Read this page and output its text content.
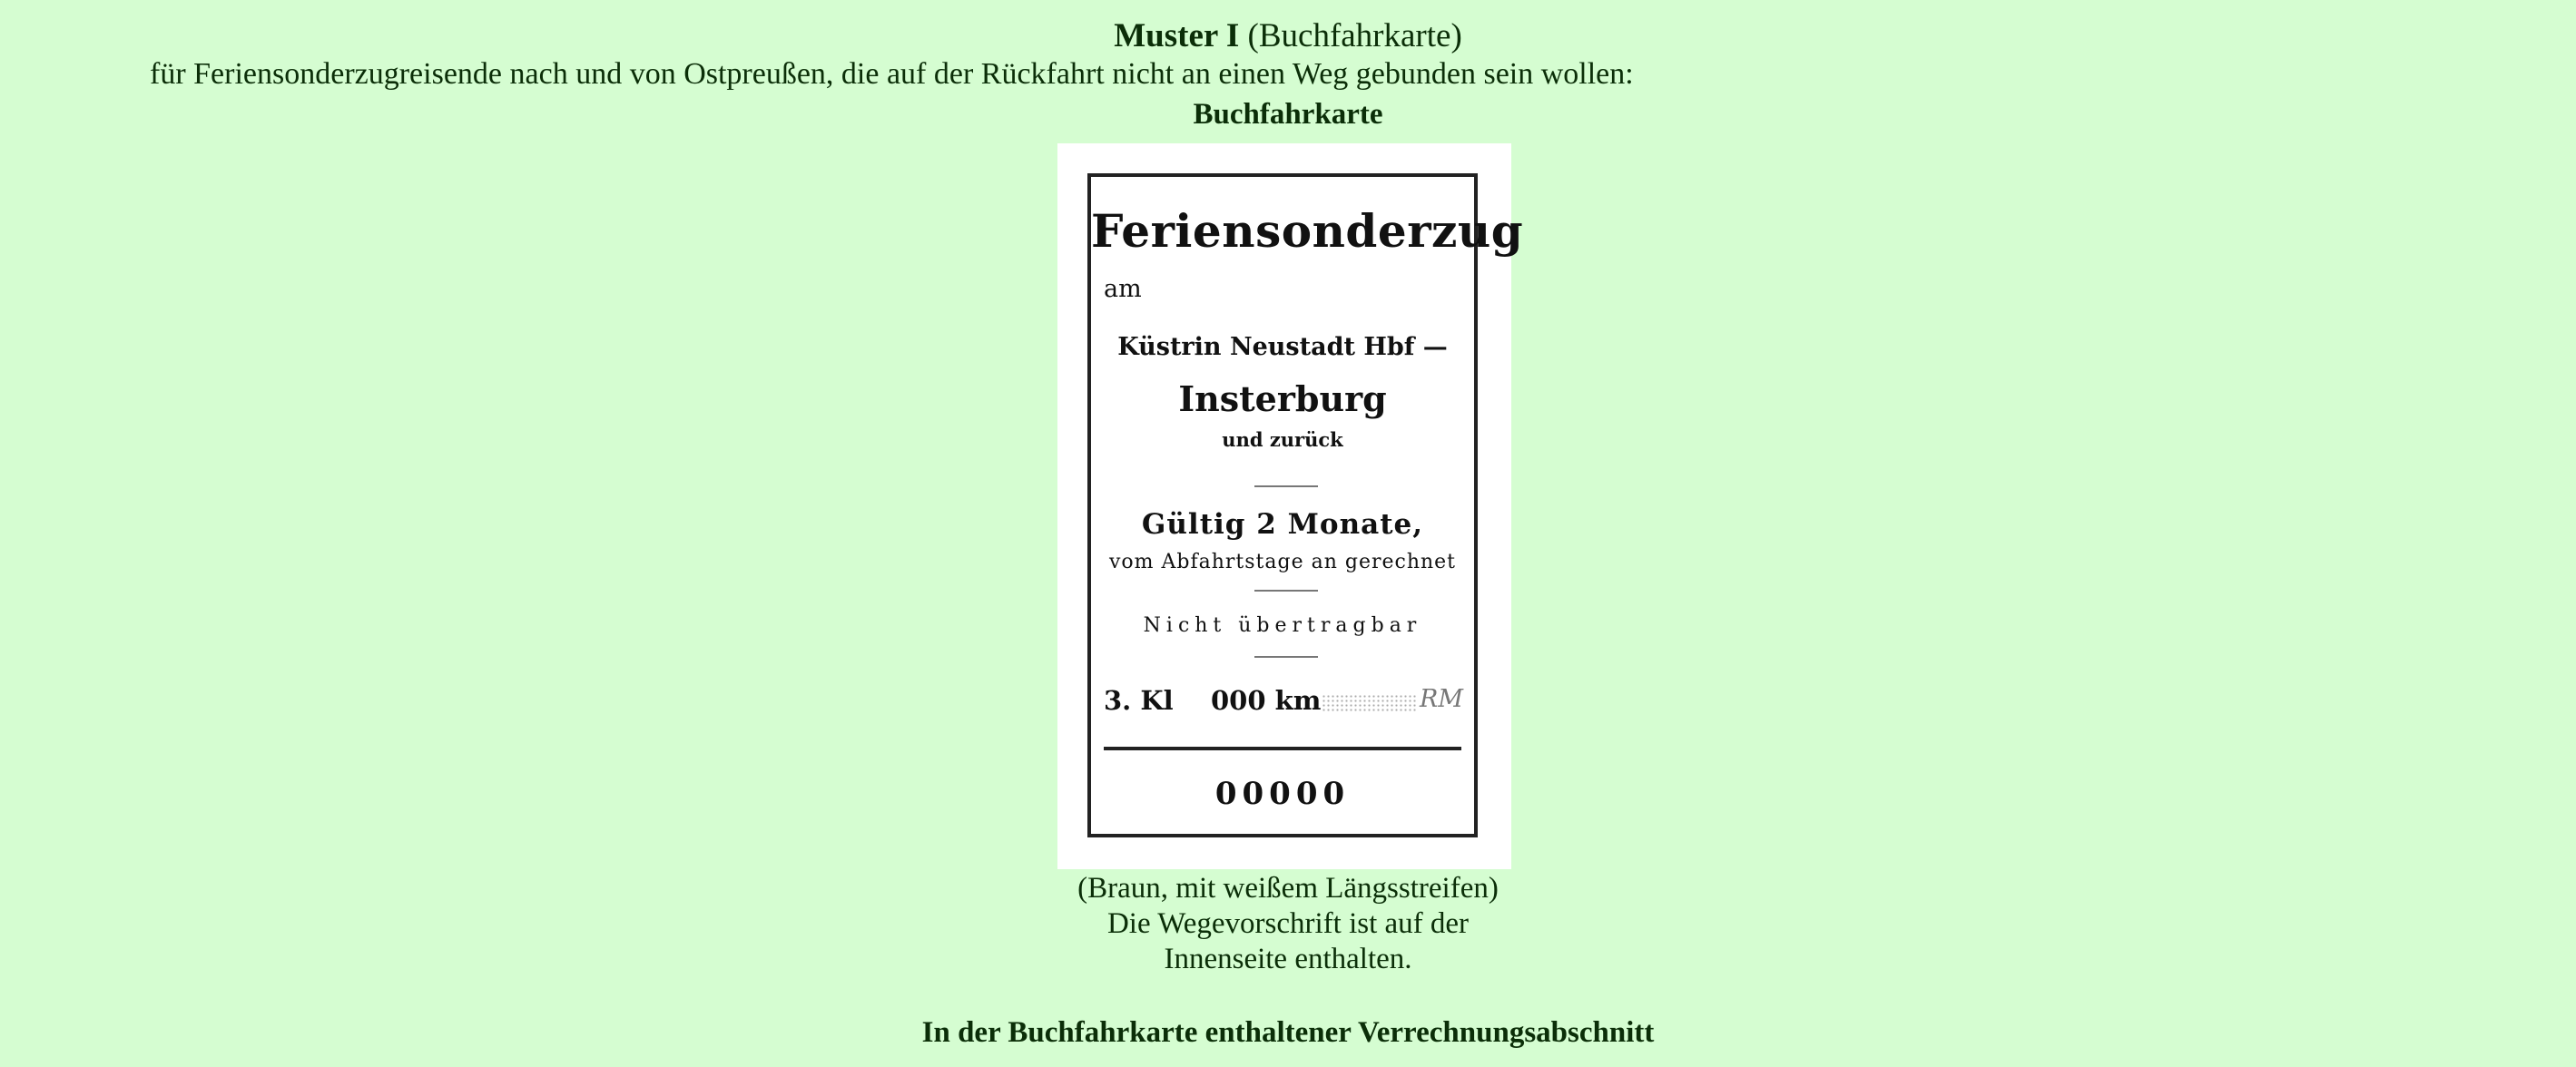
Muster I (Buchfahrkarte)
für Feriensonderzugreisende nach und von Ostpreußen, die auf der Rückfahrt nicht an einen Weg gebunden sein wollen:
Buchfahrkarte
Feriensonderzug
am
Küstrin Neustadt Hbf —
Insterburg
und zurück
Gültig 2 Monate,
vom Abfahrtstage an gerechnet
Nicht übertragbar
3. Kl 000 km	RM
00000
(Braun, mit weißem Längsstreifen)
Die Wegevorschrift ist auf der
Innenseite enthalten.
In der Buchfahrkarte enthaltener Verrechnungsabschnitt
